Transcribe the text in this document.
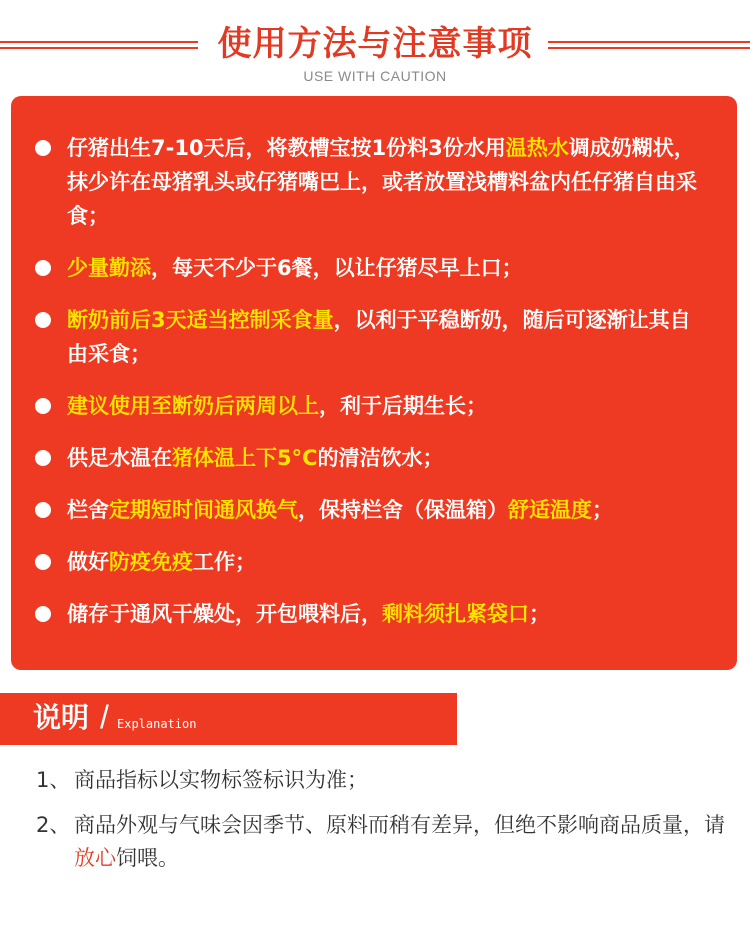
使用方法与注意事项
USE WITH CAUTION
仔猪出生7-10天后，将教槽宝按1份料3份水用温热水调成奶糊状，抹少许在母猪乳头或仔猪嘴巴上，或者放置浅槽料盆内任仔猪自由采食；
少量勤添，每天不少于6餐，以让仔猪尽早上口；
断奶前后3天适当控制采食量，以利于平稳断奶，随后可逐渐让其自由采食；
建议使用至断奶后两周以上，利于后期生长；
供足水温在猪体温上下5°C的清洁饮水；
栏舍定期短时间通风换气，保持栏舍（保温箱）舒适温度；
做好防疫免疫工作；
储存于通风干燥处，开包喂料后，剩料须扎紧袋口；
说明 / Explanation
1、 商品指标以实物标签标识为准；
2、 商品外观与气味会因季节、原料而稍有差异，但绝不影响商品质量，请放心饲喂。
